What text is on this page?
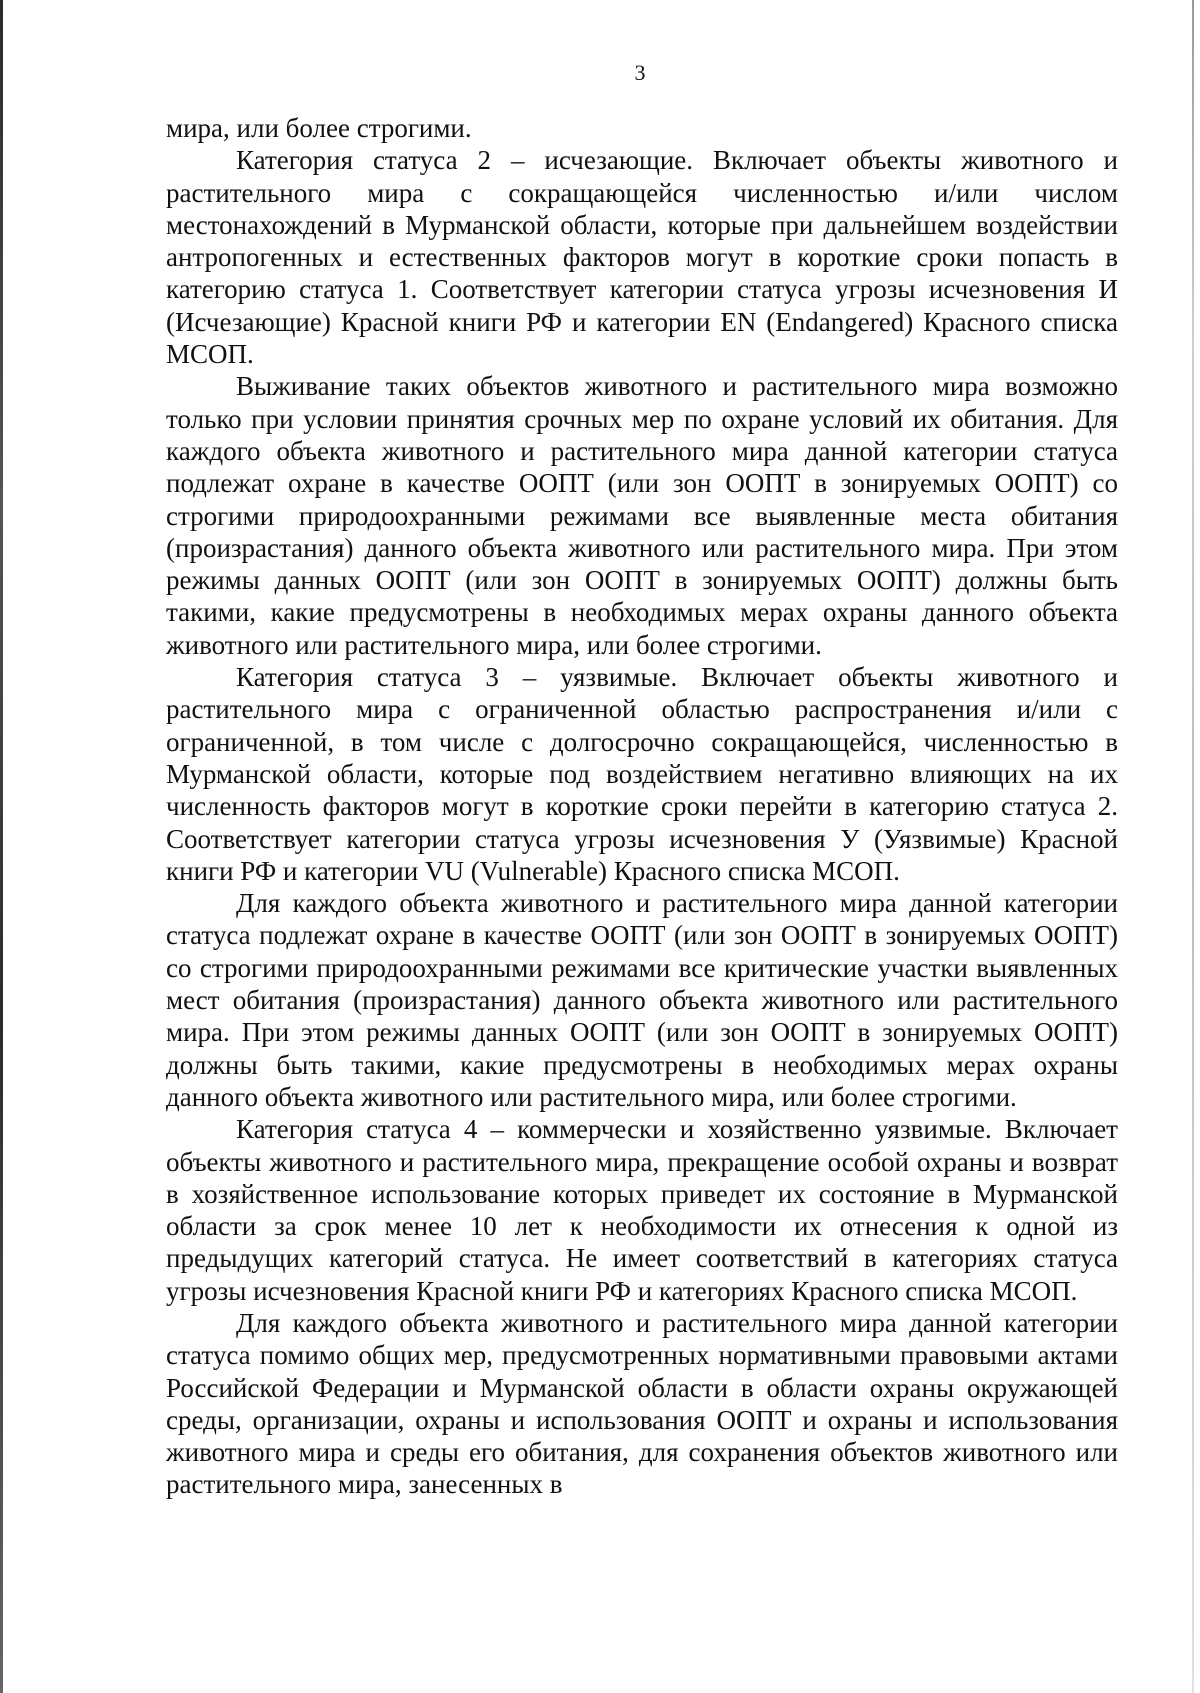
3

мира, или более строгими.

Категория статуса 2 – исчезающие. Включает объекты животного и растительного мира с сокращающейся численностью и/или числом местонахождений в Мурманской области, которые при дальнейшем воздействии антропогенных и естественных факторов могут в короткие сроки попасть в категорию статуса 1. Соответствует категории статуса угрозы исчезновения И (Исчезающие) Красной книги РФ и категории EN (Endangered) Красного списка МСОП.

Выживание таких объектов животного и растительного мира возможно только при условии принятия срочных мер по охране условий их обитания. Для каждого объекта животного и растительного мира данной категории статуса подлежат охране в качестве ООПТ (или зон ООПТ в зонируемых ООПТ) со строгими природоохранными режимами все выявленные места обитания (произрастания) данного объекта животного или растительного мира. При этом режимы данных ООПТ (или зон ООПТ в зонируемых ООПТ) должны быть такими, какие предусмотрены в необходимых мерах охраны данного объекта животного или растительного мира, или более строгими.

Категория статуса 3 – уязвимые. Включает объекты животного и растительного мира с ограниченной областью распространения и/или с ограниченной, в том числе с долгосрочно сокращающейся, численностью в Мурманской области, которые под воздействием негативно влияющих на их численность факторов могут в короткие сроки перейти в категорию статуса 2. Соответствует категории статуса угрозы исчезновения У (Уязвимые) Красной книги РФ и категории VU (Vulnerable) Красного списка МСОП.

Для каждого объекта животного и растительного мира данной категории статуса подлежат охране в качестве ООПТ (или зон ООПТ в зонируемых ООПТ) со строгими природоохранными режимами все критические участки выявленных мест обитания (произрастания) данного объекта животного или растительного мира. При этом режимы данных ООПТ (или зон ООПТ в зонируемых ООПТ) должны быть такими, какие предусмотрены в необходимых мерах охраны данного объекта животного или растительного мира, или более строгими.

Категория статуса 4 – коммерчески и хозяйственно уязвимые. Включает объекты животного и растительного мира, прекращение особой охраны и возврат в хозяйственное использование которых приведет их состояние в Мурманской области за срок менее 10 лет к необходимости их отнесения к одной из предыдущих категорий статуса. Не имеет соответствий в категориях статуса угрозы исчезновения Красной книги РФ и категориях Красного списка МСОП.

Для каждого объекта животного и растительного мира данной категории статуса помимо общих мер, предусмотренных нормативными правовыми актами Российской Федерации и Мурманской области в области охраны окружающей среды, организации, охраны и использования ООПТ и охраны и использования животного мира и среды его обитания, для сохранения объектов животного или растительного мира, занесенных в
